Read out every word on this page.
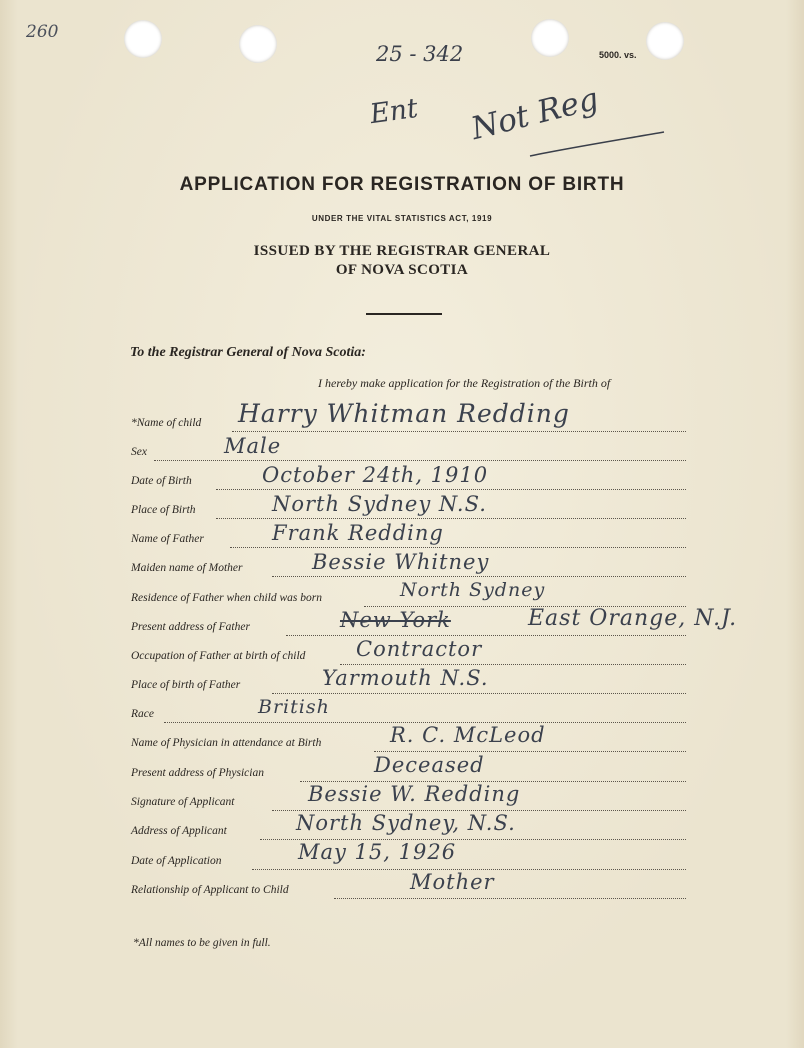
260
25 - 342	5000. vs.
Ent Not Reg
APPLICATION FOR REGISTRATION OF BIRTH
UNDER THE VITAL STATISTICS ACT, 1919
ISSUED BY THE REGISTRAR GENERAL
OF NOVA SCOTIA
To the Registrar General of Nova Scotia:
I hereby make application for the Registration of the Birth of
*Name of child Harry Whitman Redding
Sex	Male
Date of Birth	October 24th, 1910
Place of Birth	North Sydney N.S.
Name of Father	Frank Redding
Maiden name of Mother	Bessie Whitney
Residence of Father when child was born	North Sydney
Present address of Father	New York	East Orange, N.J.
Occupation of Father at birth of child Contractor
Place of birth of Father	Yarmouth N.S.
Race	British
Name of Physician in attendance at Birth	R. C. McLeod
Present address of Physician	Deceased
Signature of Applicant	Bessie W. Redding
Address of Applicant	North Sydney, N.S.
Date of Application	May 15, 1926
Relationship of Applicant to Child	Mother
*All names to be given in full.
